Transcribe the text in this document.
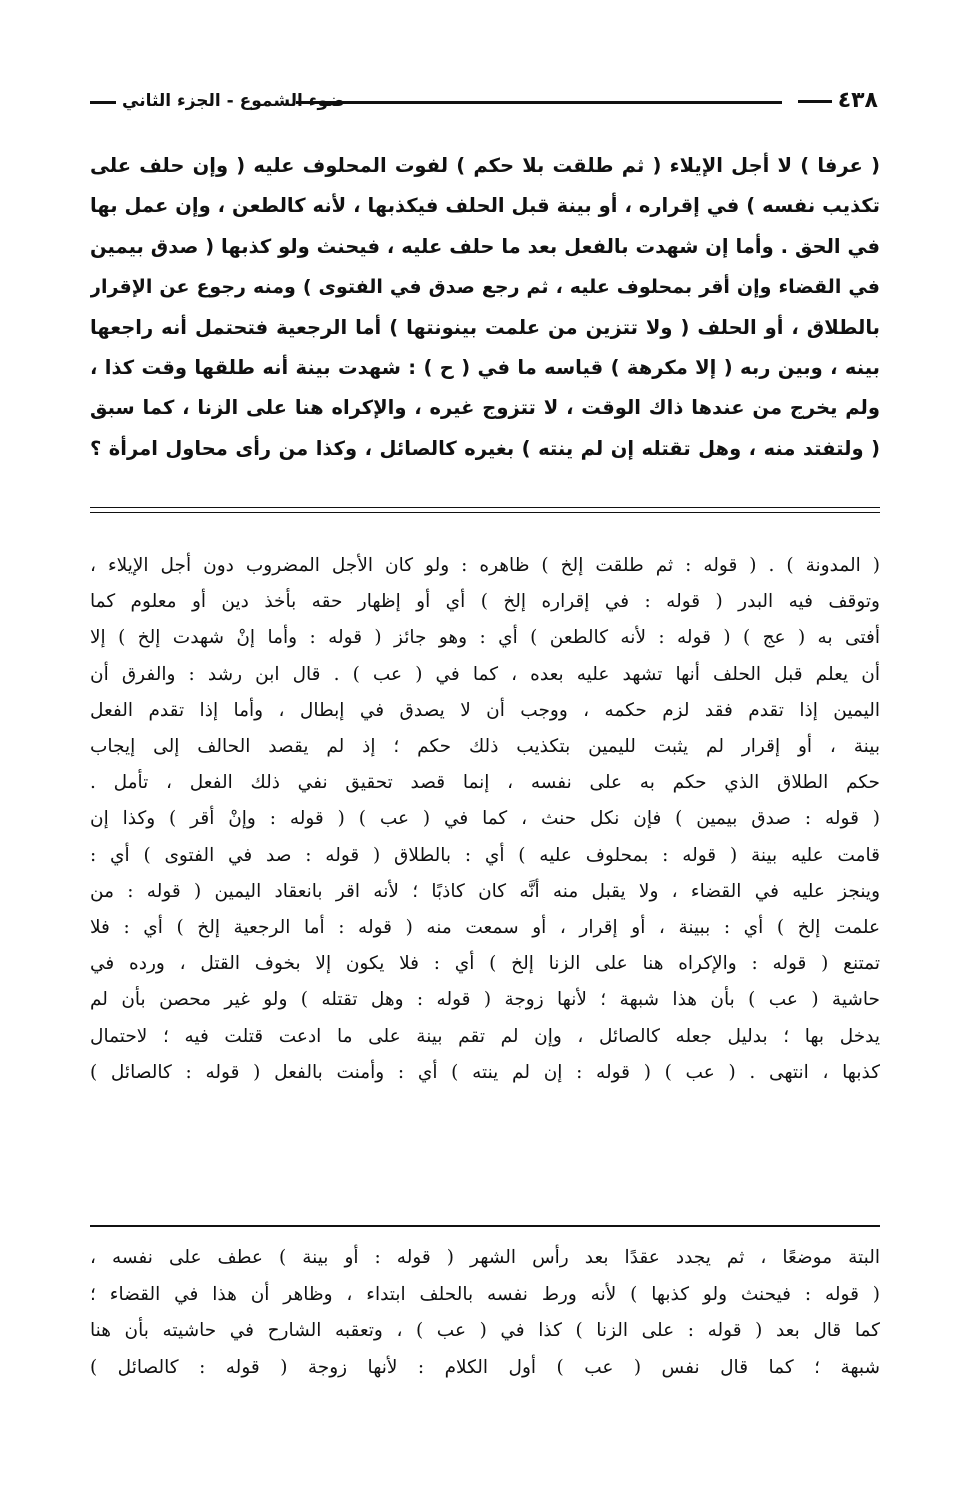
٤٣٨
ضوء الشموع - الجزء الثاني
( عرفا ) لا أجل الإيلاء ( ثم طلقت بلا حكم ) لفوت المحلوف عليه ( وإن حلف على
تكذيب نفسه ) في إقراره ، أو بينة قبل الحلف فيكذبها ، لأنه كالطعن ، وإن عمل بها
في الحق . وأما إن شهدت بالفعل بعد ما حلف عليه ، فيحنث ولو كذبها ( صدق بيمين
في القضاء وإن أقر بمحلوف عليه ، ثم رجع صدق في الفتوى ) ومنه رجوع عن الإقرار
بالطلاق ، أو الحلف ( ولا تتزين من علمت بينونتها ) أما الرجعية فتحتمل أنه راجعها
بينه ، وبين ربه ( إلا مكرهة ) قياسه ما في ( ح ) : شهدت بينة أنه طلقها وقت كذا ،
ولم يخرج من عندها ذاك الوقت ، لا تتزوج غيره ، والإكراه هنا على الزنا ، كما سبق
( ولتفتد منه ، وهل تقتله إن لم ينته ) بغيره كالصائل ، وكذا من رأى محاول امرأة ؟
( المدونة ) . ( قوله : ثم طلقت إلخ ) ظاهره : ولو كان الأجل المضروب دون أجل الإيلاء ،
وتوقف فيه البدر ( قوله : في إقراره إلخ ) أي أو إظهار حقه بأخذ دين أو معلوم كما
أفتى به ( عج ) ( قوله : لأنه كالطعن ) أي : وهو جائز ( قوله : وأما إنْ شهدت إلخ ) إلا
أن يعلم قبل الحلف أنها تشهد عليه بعده ، كما في ( عب ) . قال ابن رشد : والفرق أن
اليمين إذا تقدم فقد لزم حكمه ، ووجب أن لا يصدق في إبطال ، وأما إذا تقدم الفعل
بينة ، أو إقرار لم يثبت لليمين بتكذيب ذلك حكم ؛ إذ لم يقصد الحالف إلى إيجاب
حكم الطلاق الذي حكم به على نفسه ، إنما قصد تحقيق نفي ذلك الفعل ، تأمل .
( قوله : صدق بيمين ) فإن نكل حنث ، كما في ( عب ) ( قوله : وإنْ أقر ) وكذا إن
قامت عليه بينة ( قوله : بمحلوف عليه ) أي : بالطلاق ( قوله : صد في الفتوى ) أي :
وينجز عليه في القضاء ، ولا يقبل منه أنَّه كان كاذبًا ؛ لأنه اقر بانعقاد اليمين ( قوله : من
علمت إلخ ) أي : ببينة ، أو إقرار ، أو سمعت منه ( قوله : أما الرجعية إلخ ) أي : فلا
تمتنع ( قوله : والإكراه هنا على الزنا إلخ ) أي : فلا يكون إلا بخوف القتل ، ورده في
حاشية ( عب ) بأن هذا شبهة ؛ لأنها زوجة ( قوله : وهل تقتله ) ولو غير محصن بأن لم
يدخل بها ؛ بدليل جعله كالصائل ، وإن لم تقم بينة على ما ادعت قتلت فيه ؛ لاحتمال
كذبها ، انتهى . ( عب ) ( قوله : إن لم ينته ) أي : وأمنت بالفعل ( قوله : كالصائل )
البتة موضعًا ، ثم يجدد عقدًا بعد رأس الشهر ( قوله : أو بينة ) عطف على نفسه ،
( قوله : فيحنث ولو كذبها ) لأنه ورط نفسه بالحلف ابتداء ، وظاهر أن هذا في القضاء ؛
كما قال بعد ( قوله : على الزنا ) كذا في ( عب ) ، وتعقبه الشارح في حاشيته بأن هنا
شبهة ؛ كما قال نفس ( عب ) أول الكلام : لأنها زوجة ( قوله : كالصائل )
